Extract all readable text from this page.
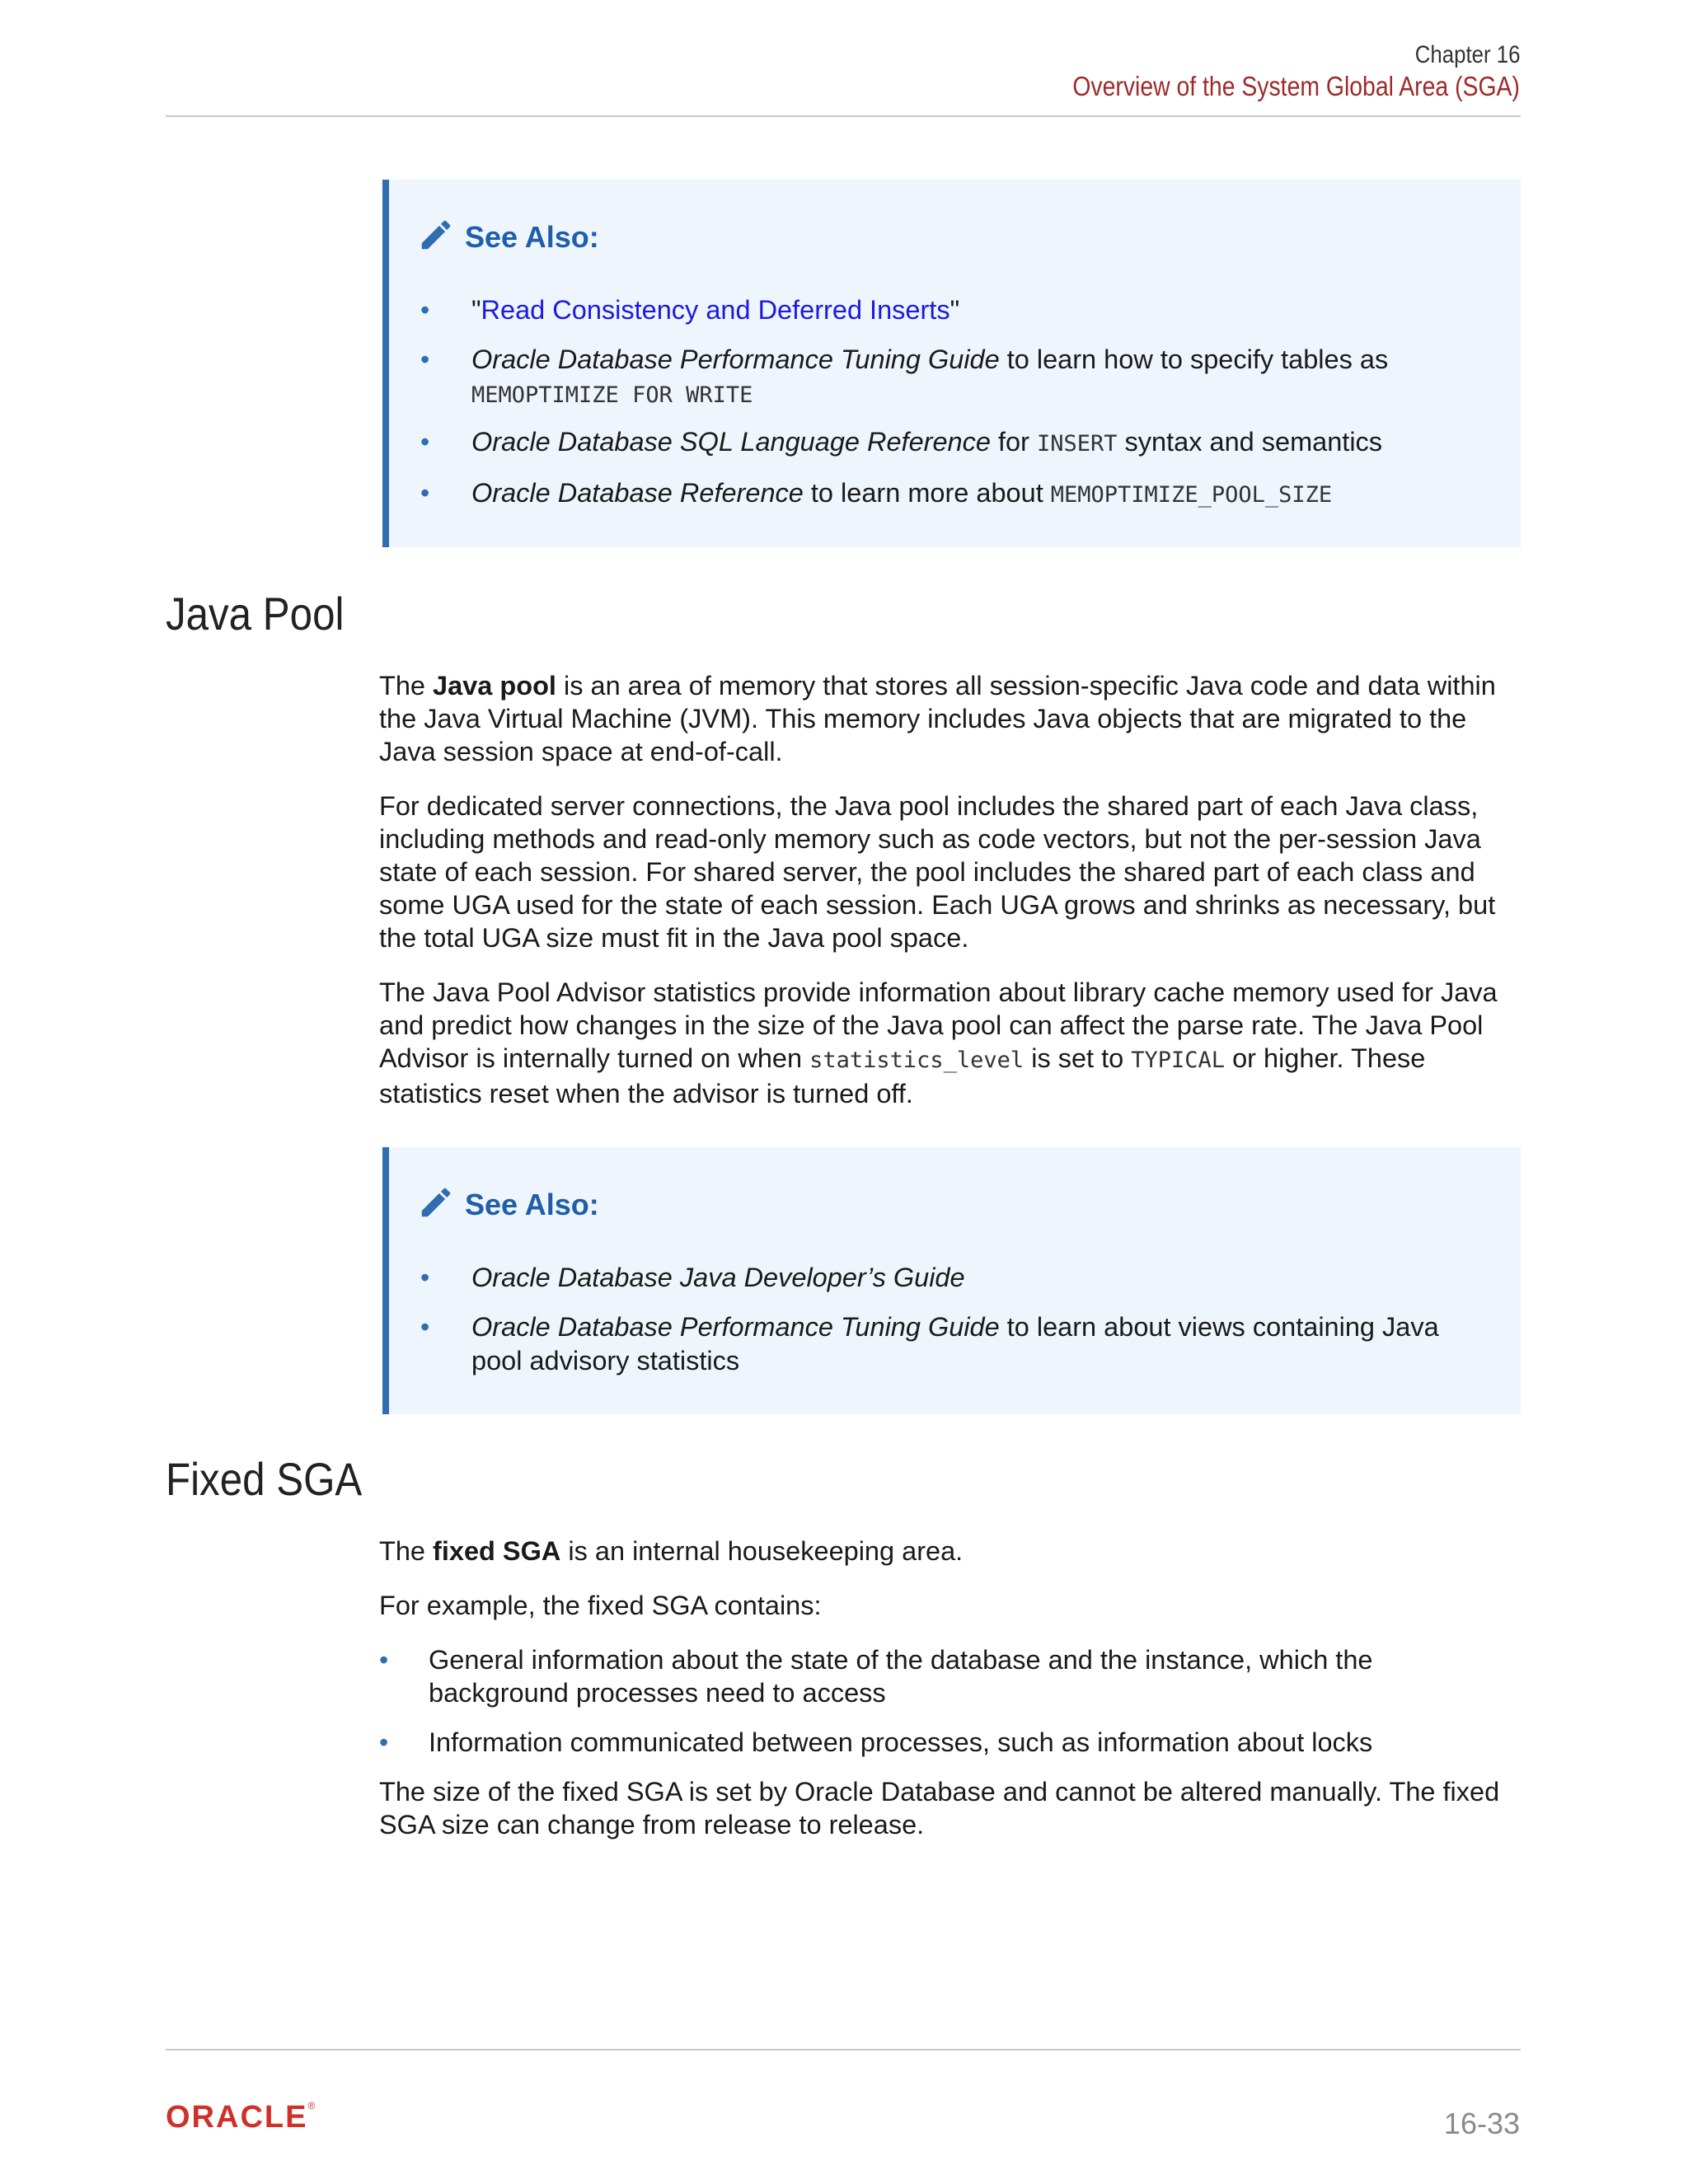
Chapter 16
Overview of the System Global Area (SGA)
See Also:
• "Read Consistency and Deferred Inserts"
• Oracle Database Performance Tuning Guide to learn how to specify tables as
MEMOPTIMIZE FOR WRITE
• Oracle Database SQL Language Reference for INSERT syntax and semantics
• Oracle Database Reference to learn more about MEMOPTIMIZE_POOL_SIZE
Java Pool
The Java pool is an area of memory that stores all session-specific Java code and data within the Java Virtual Machine (JVM). This memory includes Java objects that are migrated to the Java session space at end-of-call.
For dedicated server connections, the Java pool includes the shared part of each Java class, including methods and read-only memory such as code vectors, but not the per-session Java state of each session. For shared server, the pool includes the shared part of each class and some UGA used for the state of each session. Each UGA grows and shrinks as necessary, but the total UGA size must fit in the Java pool space.
The Java Pool Advisor statistics provide information about library cache memory used for Java and predict how changes in the size of the Java pool can affect the parse rate. The Java Pool Advisor is internally turned on when statistics_level is set to TYPICAL or higher. These statistics reset when the advisor is turned off.
See Also:
• Oracle Database Java Developer’s Guide
• Oracle Database Performance Tuning Guide to learn about views containing Java pool advisory statistics
Fixed SGA
The fixed SGA is an internal housekeeping area.
For example, the fixed SGA contains:
• General information about the state of the database and the instance, which the background processes need to access
• Information communicated between processes, such as information about locks
The size of the fixed SGA is set by Oracle Database and cannot be altered manually. The fixed SGA size can change from release to release.
ORACLE®
16-33
